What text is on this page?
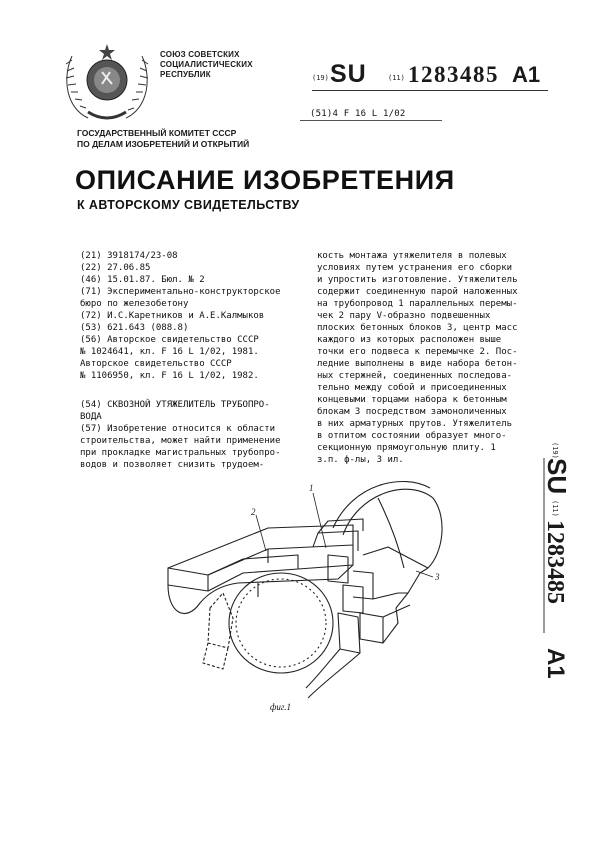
СОЮЗ СОВЕТСКИХ
СОЦИАЛИСТИЧЕСКИХ
РЕСПУБЛИК	(19) SU	(11) 1283485 A1
(51)4 F 16 L 1/02
ГОСУДАРСТВЕННЫЙ КОМИТЕТ СССР
ПО ДЕЛАМ ИЗОБРЕТЕНИЙ И ОТКРЫТИЙ
ОПИСАНИЕ ИЗОБРЕТЕНИЯ
К АВТОРСКОМУ СВИДЕТЕЛЬСТВУ
(21) 3918174/23-08
(22) 27.06.85
(46) 15.01.87. Бюл. № 2
(71) Экспериментально-конструкторское
бюро по железобетону
(72) И.С.Каретников и А.Е.Калмыков
(53) 621.643 (088.8)
(56) Авторское свидетельство СССР
№ 1024641, кл. F 16 L 1/02, 1981.
Авторское свидетельство СССР
№ 1106950, кл. F 16 L 1/02, 1982.
(54) СКВОЗНОЙ УТЯЖЕЛИТЕЛЬ ТРУБОПРО-
ВОДА
(57) Изобретение относится к области
строительства, может найти применение
при прокладке магистральных трубопро-
водов и позволяет снизить трудоем-
кость монтажа утяжелителя в полевых
условиях путем устранения его сборки
и упростить изготовление. Утяжелитель
содержит соединенную парой наложенных
на трубопровод 1 параллельных перемы-
чек 2 пару V-образно подвешенных
плоских бетонных блоков 3, центр масс
каждого из которых расположен выше
точки его подвеса к перемычке 2. Пос-
ледние выполнены в виде набора бетон-
ных стержней, соединенных последова-
тельно между собой и присоединенных
концевыми торцами набора к бетонным
блокам 3 посредством замоноличенных
в них арматурных прутов. Утяжелитель
в отпитом состоянии образует много-
секционную прямоугольную плиту. 1
з.п. ф-лы, 3 ил.
(19)
SU
(11)
1283485
A1
1
2
3
фиг.1
